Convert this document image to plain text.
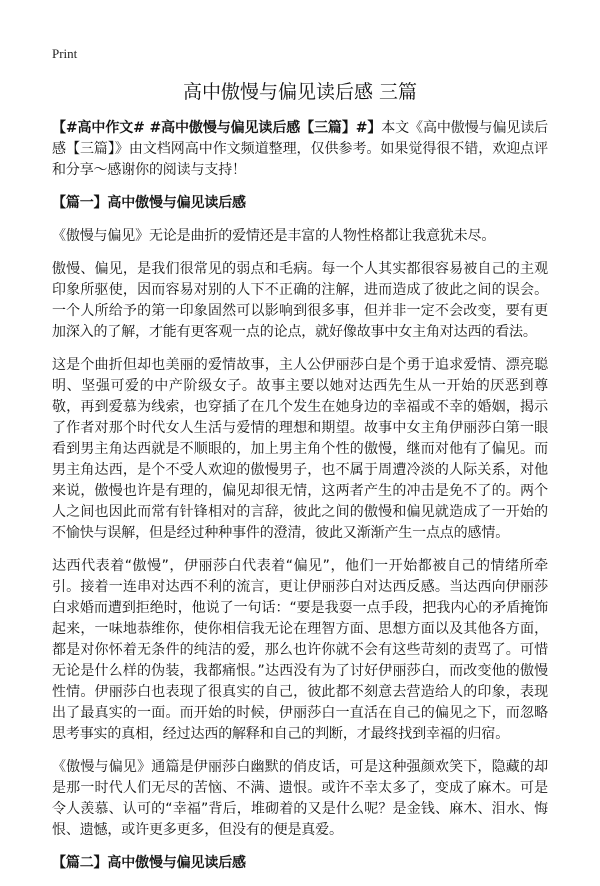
Print
高中傲慢与偏见读后感 三篇

【#高中作文# #高中傲慢与偏见读后感【三篇】#】本文《高中傲慢与偏见读后感【三篇】》由文档网高中作文频道整理，仅供参考。如果觉得很不错，欢迎点评和分享～感谢你的阅读与支持！

【篇一】高中傲慢与偏见读后感

《傲慢与偏见》无论是曲折的爱情还是丰富的人物性格都让我意犹未尽。

傲慢、偏见，是我们很常见的弱点和毛病。每一个人其实都很容易被自己的主观印象所驱使，因而容易对别的人下不正确的注解，进而造成了彼此之间的误会。一个人所给予的第一印象固然可以影响到很多事，但并非一定不会改变，要有更加深入的了解，才能有更客观一点的论点，就好像故事中女主角对达西的看法。

这是个曲折但却也美丽的爱情故事，主人公伊丽莎白是个勇于追求爱情、漂亮聪明、坚强可爱的中产阶级女子。故事主要以她对达西先生从一开始的厌恶到尊敬，再到爱慕为线索，也穿插了在几个发生在她身边的幸福或不幸的婚姻，揭示了作者对那个时代女人生活与爱情的理想和期望。故事中女主角伊丽莎白第一眼看到男主角达西就是不顺眼的，加上男主角个性的傲慢，继而对他有了偏见。而男主角达西，是个不受人欢迎的傲慢男子，也不属于周遭冷淡的人际关系，对他来说，傲慢也许是有理的，偏见却很无情，这两者产生的冲击是免不了的。两个人之间也因此而常有针锋相对的言辞，彼此之间的傲慢和偏见就造成了一开始的不愉快与误解，但是经过种种事件的澄清，彼此又渐渐产生一点点的感情。

达西代表着“傲慢”，伊丽莎白代表着“偏见”，他们一开始都被自己的情绪所牵引。接着一连串对达西不利的流言，更让伊丽莎白对达西反感。当达西向伊丽莎白求婚而遭到拒绝时，他说了一句话：“要是我耍一点手段，把我内心的矛盾掩饰起来，一味地恭维你，使你相信我无论在理智方面、思想方面以及其他各方面，都是对你怀着无条件的纯洁的爱，那么也许你就不会有这些苛刻的责骂了。可惜无论是什么样的伪装，我都痛恨。”达西没有为了讨好伊丽莎白，而改变他的傲慢性情。伊丽莎白也表现了很真实的自己，彼此都不刻意去营造给人的印象，表现出了最真实的一面。而开始的时候，伊丽莎白一直活在自己的偏见之下，而忽略思考事实的真相，经过达西的解释和自己的判断，才最终找到幸福的归宿。

《傲慢与偏见》通篇是伊丽莎白幽默的俏皮话，可是这种强颜欢笑下，隐藏的却是那一时代人们无尽的苦恼、不满、遗恨。或许不幸太多了，变成了麻木。可是令人羡慕、认可的“幸福”背后，堆砌着的又是什么呢？是金钱、麻木、泪水、悔恨、遗憾，或许更多更多，但没有的便是真爱。

【篇二】高中傲慢与偏见读后感
